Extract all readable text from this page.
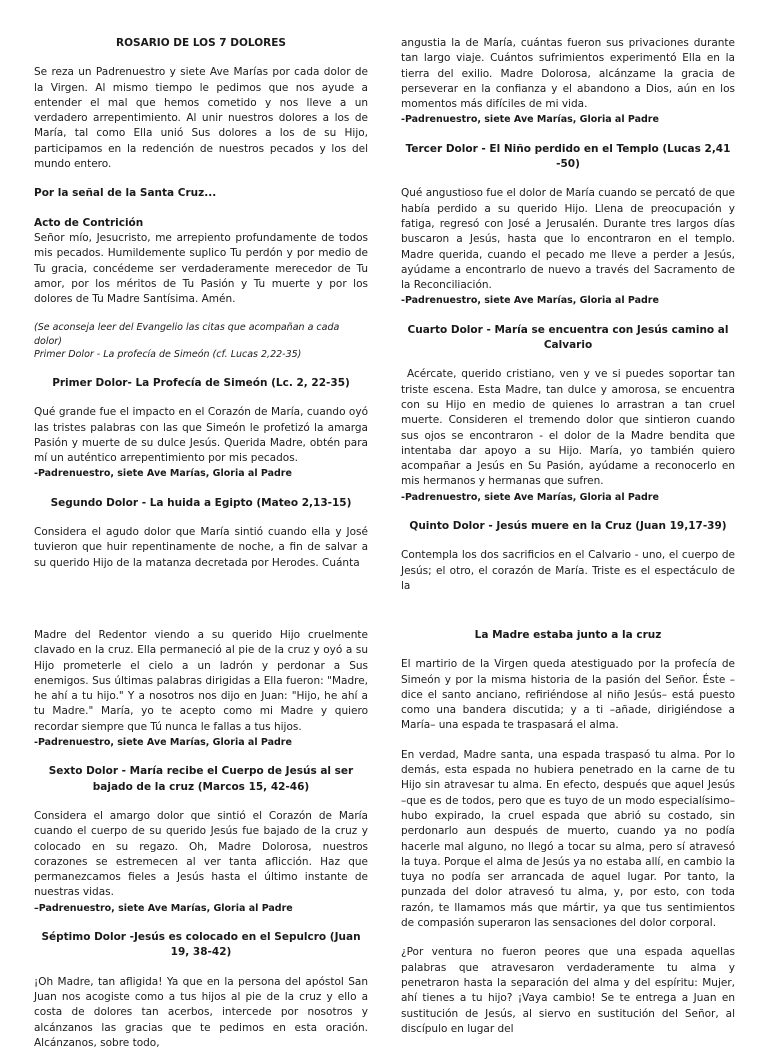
ROSARIO DE LOS 7 DOLORES

Se reza un Padrenuestro y siete Ave Marías por cada dolor de la Virgen. Al mismo tiempo le pedimos que nos ayude a entender el mal que hemos cometido y nos lleve a un verdadero arrepentimiento. Al unir nuestros dolores a los de María, tal como Ella unió Sus dolores a los de su Hijo, participamos en la redención de nuestros pecados y los del mundo entero.

Por la señal de la Santa Cruz...

Acto de Contrición

Señor mío, Jesucristo, me arrepiento profundamente de todos mis pecados. Humildemente suplico Tu perdón y por medio de Tu gracia, concédeme ser verdaderamente merecedor de Tu amor, por los méritos de Tu Pasión y Tu muerte y por los dolores de Tu Madre Santísima. Amén.

(Se aconseja leer del Evangelio las citas que acompañan a cada dolor)

Primer Dolor - La profecía de Simeón (cf. Lucas 2,22-35)

Primer Dolor- La Profecía de Simeón (Lc. 2, 22-35)

Qué grande fue el impacto en el Corazón de María, cuando oyó las tristes palabras con las que Simeón le profetizó la amarga Pasión y muerte de su dulce Jesús. Querida Madre, obtén para mí un auténtico arrepentimiento por mis pecados.

-Padrenuestro, siete Ave Marías, Gloria al Padre

Segundo Dolor - La huida a Egipto (Mateo 2,13-15)

Considera el agudo dolor que María sintió cuando ella y José tuvieron que huir repentinamente de noche, a fin de salvar a su querido Hijo de la matanza decretada por Herodes. Cuánta

angustia la de María, cuántas fueron sus privaciones durante tan largo viaje. Cuántos sufrimientos experimentó Ella en la tierra del exilio. Madre Dolorosa, alcánzame la gracia de perseverar en la confianza y el abandono a Dios, aún en los momentos más difíciles de mi vida.

-Padrenuestro, siete Ave Marías, Gloria al Padre

Tercer Dolor - El Niño perdido en el Templo (Lucas 2,41 -50)

Qué angustioso fue el dolor de María cuando se percató de que había perdido a su querido Hijo. Llena de preocupación y fatiga, regresó con José a Jerusalén. Durante tres largos días buscaron a Jesús, hasta que lo encontraron en el templo. Madre querida, cuando el pecado me lleve a perder a Jesús, ayúdame a encontrarlo de nuevo a través del Sacramento de la Reconciliación.

-Padrenuestro, siete Ave Marías, Gloria al Padre

Cuarto Dolor - María se encuentra con Jesús camino al Calvario

Acércate, querido cristiano, ven y ve si puedes soportar tan triste escena. Esta Madre, tan dulce y amorosa, se encuentra con su Hijo en medio de quienes lo arrastran a tan cruel muerte. Consideren el tremendo dolor que sintieron cuando sus ojos se encontraron - el dolor de la Madre bendita que intentaba dar apoyo a su Hijo. María, yo también quiero acompañar a Jesús en Su Pasión, ayúdame a reconocerlo en mis hermanos y hermanas que sufren.

-Padrenuestro, siete Ave Marías, Gloria al Padre

Quinto Dolor - Jesús muere en la Cruz (Juan 19,17-39)

Contempla los dos sacrificios en el Calvario - uno, el cuerpo de Jesús; el otro, el corazón de María. Triste es el espectáculo de la

Madre del Redentor viendo a su querido Hijo cruelmente clavado en la cruz. Ella permaneció al pie de la cruz y oyó a su Hijo prometerle el cielo a un ladrón y perdonar a Sus enemigos. Sus últimas palabras dirigidas a Ella fueron: "Madre, he ahí a tu hijo." Y a nosotros nos dijo en Juan: "Hijo, he ahí a tu Madre." María, yo te acepto como mi Madre y quiero recordar siempre que Tú nunca le fallas a tus hijos.

-Padrenuestro, siete Ave Marías, Gloria al Padre

Sexto Dolor - María recibe el Cuerpo de Jesús al ser bajado de la cruz (Marcos 15, 42-46)

Considera el amargo dolor que sintió el Corazón de María cuando el cuerpo de su querido Jesús fue bajado de la cruz y colocado en su regazo. Oh, Madre Dolorosa, nuestros corazones se estremecen al ver tanta aflicción. Haz que permanezcamos fieles a Jesús hasta el último instante de nuestras vidas.

–Padrenuestro, siete Ave Marías, Gloria al Padre

Séptimo Dolor -Jesús es colocado en el Sepulcro (Juan 19, 38-42)

¡Oh Madre, tan afligida! Ya que en la persona del apóstol San Juan nos acogiste como a tus hijos al pie de la cruz y ello a costa de dolores tan acerbos, intercede por nosotros y alcánzanos las gracias que te pedimos en esta oración. Alcánzanos, sobre todo,

La Madre estaba junto a la cruz

El martirio de la Virgen queda atestiguado por la profecía de Simeón y por la misma historia de la pasión del Señor. Éste –dice el santo anciano, refiriéndose al niño Jesús– está puesto como una bandera discutida; y a ti –añade, dirigiéndose a María– una espada te traspasará el alma.

En verdad, Madre santa, una espada traspasó tu alma. Por lo demás, esta espada no hubiera penetrado en la carne de tu Hijo sin atravesar tu alma. En efecto, después que aquel Jesús –que es de todos, pero que es tuyo de un modo especialísimo– hubo expirado, la cruel espada que abrió su costado, sin perdonarlo aun después de muerto, cuando ya no podía hacerle mal alguno, no llegó a tocar su alma, pero sí atravesó la tuya. Porque el alma de Jesús ya no estaba allí, en cambio la tuya no podía ser arrancada de aquel lugar. Por tanto, la punzada del dolor atravesó tu alma, y, por esto, con toda razón, te llamamos más que mártir, ya que tus sentimientos de compasión superaron las sensaciones del dolor corporal.

¿Por ventura no fueron peores que una espada aquellas palabras que atravesaron verdaderamente tu alma y penetraron hasta la separación del alma y del espíritu: Mujer, ahí tienes a tu hijo? ¡Vaya cambio! Se te entrega a Juan en sustitución de Jesús, al siervo en sustitución del Señor, al discípulo en lugar del
